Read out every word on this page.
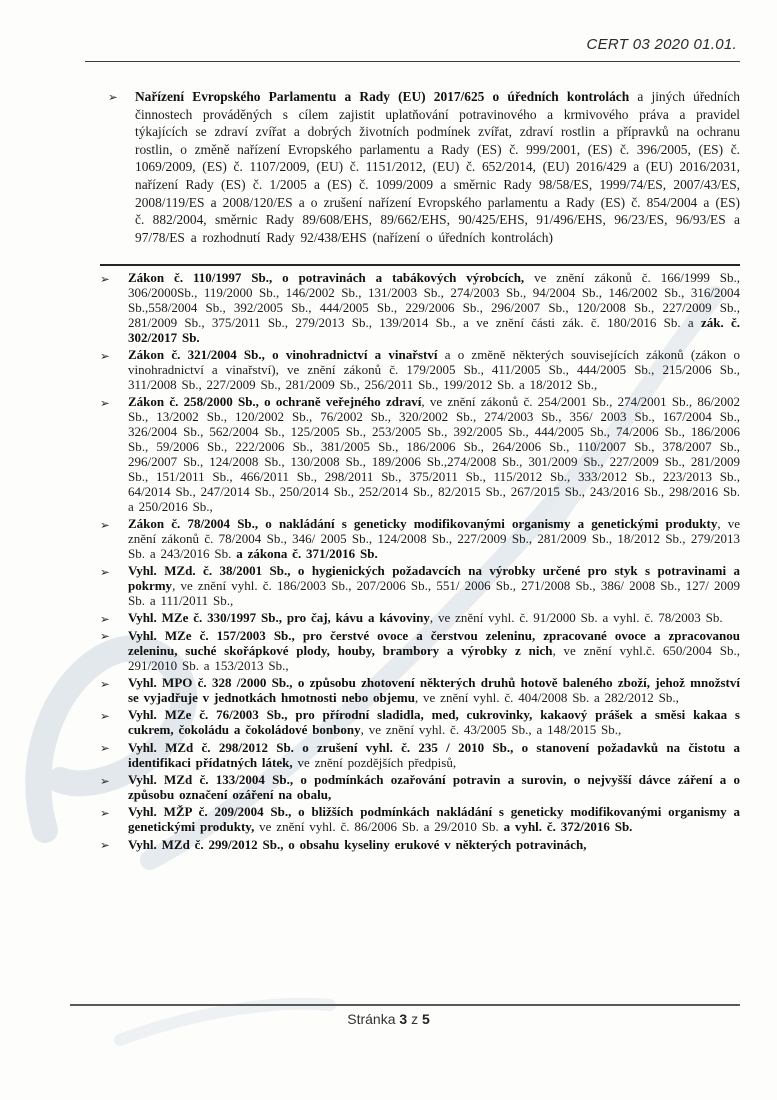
CERT 03 2020 01.01.
➢ Nařízení Evropského Parlamentu a Rady (EU) 2017/625 o úředních kontrolách a jiných úředních činnostech prováděných s cílem zajistit uplatňování potravinového a krmivového práva a pravidel týkajících se zdraví zvířat a dobrých životních podmínek zvířat, zdraví rostlin a přípravků na ochranu rostlin, o změně nařízení Evropského parlamentu a Rady (ES) č. 999/2001, (ES) č. 396/2005, (ES) č. 1069/2009, (ES) č. 1107/2009, (EU) č. 1151/2012, (EU) č. 652/2014, (EU) 2016/429 a (EU) 2016/2031, nařízení Rady (ES) č. 1/2005 a (ES) č. 1099/2009 a směrnic Rady 98/58/ES, 1999/74/ES, 2007/43/ES, 2008/119/ES a 2008/120/ES a o zrušení nařízení Evropského parlamentu a Rady (ES) č. 854/2004 a (ES) č. 882/2004, směrnic Rady 89/608/EHS, 89/662/EHS, 90/425/EHS, 91/496/EHS, 96/23/ES, 96/93/ES a 97/78/ES a rozhodnutí Rady 92/438/EHS (nařízení o úředních kontrolách)
➢ Zákon č. 110/1997 Sb., o potravinách a tabákových výrobcích, ve znění zákonů č. 166/1999 Sb., 306/2000Sb., 119/2000 Sb., 146/2002 Sb., 131/2003 Sb., 274/2003 Sb., 94/2004 Sb., 146/2002 Sb., 316/2004 Sb.,558/2004 Sb., 392/2005 Sb., 444/2005 Sb., 229/2006 Sb., 296/2007 Sb., 120/2008 Sb., 227/2009 Sb., 281/2009 Sb., 375/2011 Sb., 279/2013 Sb., 139/2014 Sb., a ve znění části zák. č. 180/2016 Sb. a zák. č. 302/2017 Sb.
➢ Zákon č. 321/2004 Sb., o vinohradnictví a vinařství a o změně některých souvisejících zákonů (zákon o vinohradnictví a vinařství), ve znění zákonů č. 179/2005 Sb., 411/2005 Sb., 444/2005 Sb., 215/2006 Sb., 311/2008 Sb., 227/2009 Sb., 281/2009 Sb., 256/2011 Sb., 199/2012 Sb. a 18/2012 Sb.,
➢ Zákon č. 258/2000 Sb., o ochraně veřejného zdraví, ve znění zákonů č. 254/2001 Sb., 274/2001 Sb., 86/2002 Sb., 13/2002 Sb., 120/2002 Sb., 76/2002 Sb., 320/2002 Sb., 274/2003 Sb., 356/ 2003 Sb., 167/2004 Sb., 326/2004 Sb., 562/2004 Sb., 125/2005 Sb., 253/2005 Sb., 392/2005 Sb., 444/2005 Sb., 74/2006 Sb., 186/2006 Sb., 59/2006 Sb., 222/2006 Sb., 381/2005 Sb., 186/2006 Sb., 264/2006 Sb., 110/2007 Sb., 378/2007 Sb., 296/2007 Sb., 124/2008 Sb., 130/2008 Sb., 189/2006 Sb.,274/2008 Sb., 301/2009 Sb., 227/2009 Sb., 281/2009 Sb., 151/2011 Sb., 466/2011 Sb., 298/2011 Sb., 375/2011 Sb., 115/2012 Sb., 333/2012 Sb., 223/2013 Sb., 64/2014 Sb., 247/2014 Sb., 250/2014 Sb., 252/2014 Sb., 82/2015 Sb., 267/2015 Sb., 243/2016 Sb., 298/2016 Sb. a 250/2016 Sb.,
➢ Zákon č. 78/2004 Sb., o nakládání s geneticky modifikovanými organismy a genetickými produkty, ve znění zákonů č. 78/2004 Sb., 346/ 2005 Sb., 124/2008 Sb., 227/2009 Sb., 281/2009 Sb., 18/2012 Sb., 279/2013 Sb. a 243/2016 Sb. a zákona č. 371/2016 Sb.
➢ Vyhl. MZd. č. 38/2001 Sb., o hygienických požadavcích na výrobky určené pro styk s potravinami a pokrmy, ve znění vyhl. č. 186/2003 Sb., 207/2006 Sb., 551/ 2006 Sb., 271/2008 Sb., 386/ 2008 Sb., 127/ 2009 Sb. a 111/2011 Sb.,
➢ Vyhl. MZe č. 330/1997 Sb., pro čaj, kávu a kávoviny, ve znění vyhl. č. 91/2000 Sb. a vyhl. č. 78/2003 Sb.
➢ Vyhl. MZe č. 157/2003 Sb., pro čerstvé ovoce a čerstvou zeleninu, zpracované ovoce a zpracovanou zeleninu, suché skořápkové plody, houby, brambory a výrobky z nich, ve znění vyhl.č. 650/2004 Sb., 291/2010 Sb. a 153/2013 Sb.,
➢ Vyhl. MPO č. 328 /2000 Sb., o způsobu zhotovení některých druhů hotově baleného zboží, jehož množství se vyjadřuje v jednotkách hmotnosti nebo objemu, ve znění vyhl. č. 404/2008 Sb. a 282/2012 Sb.,
➢ Vyhl. MZe č. 76/2003 Sb., pro přírodní sladidla, med, cukrovinky, kakaový prášek a směsi kakaa s cukrem, čokoládu a čokoládové bonbony, ve znění vyhl. č. 43/2005 Sb., a 148/2015 Sb.,
➢ Vyhl. MZd č. 298/2012 Sb. o zrušení vyhl. č. 235 / 2010 Sb., o stanovení požadavků na čistotu a identifikaci přídatných látek, ve znění pozdějších předpisů,
➢ Vyhl. MZd č. 133/2004 Sb., o podmínkách ozařování potravin a surovin, o nejvyšší dávce záření a o způsobu označení ozáření na obalu,
➢ Vyhl. MŽP č. 209/2004 Sb., o bližších podmínkách nakládání s geneticky modifikovanými organismy a genetickými produkty, ve znění vyhl. č. 86/2006 Sb. a 29/2010 Sb. a vyhl. č. 372/2016 Sb.
➢ Vyhl. MZd č. 299/2012 Sb., o obsahu kyseliny erukové v některých potravinách,
Stránka 3 z 5
